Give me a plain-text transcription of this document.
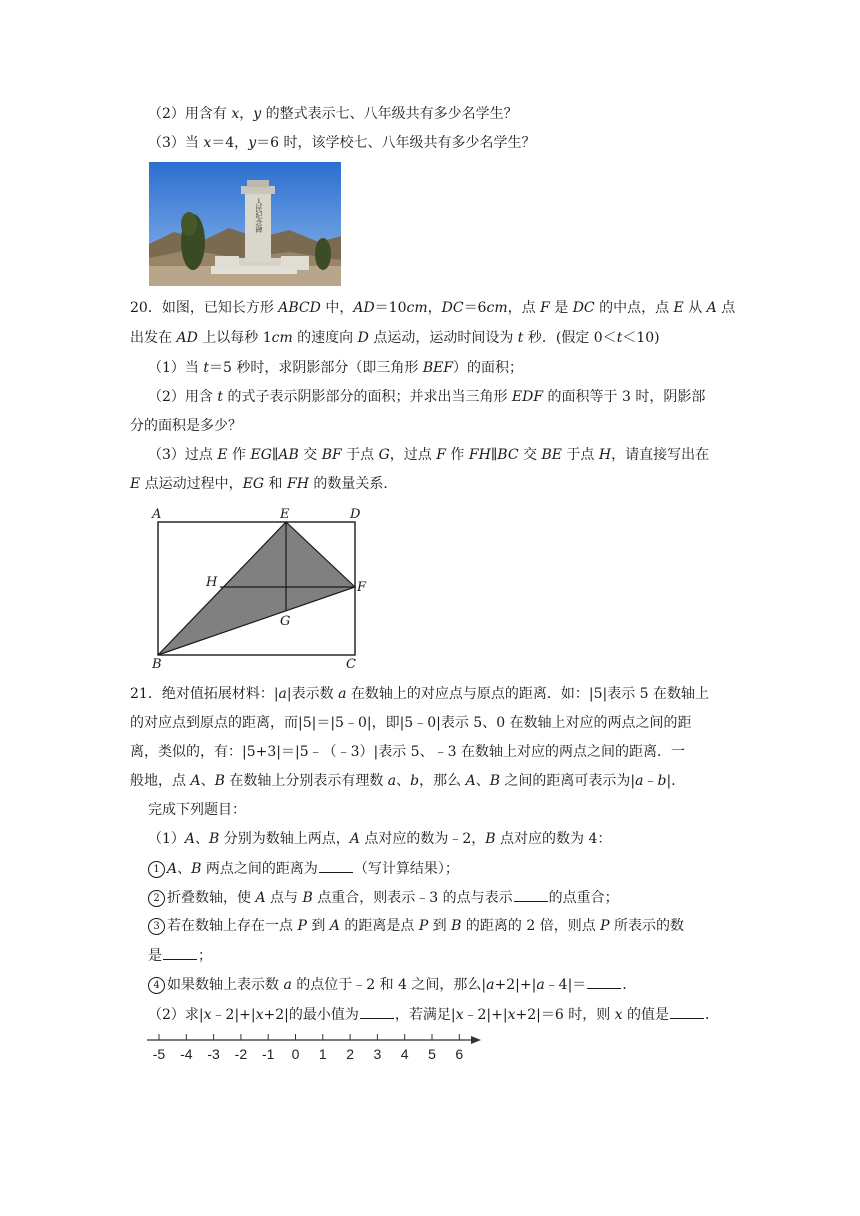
（2）用含有 x，y 的整式表示七、八年级共有多少名学生？
（3）当 x＝4，y＝6 时，该学校七、八年级共有多少名学生？
人民纪念碑
20．如图，已知长方形 ABCD 中，AD＝10cm，DC＝6cm，点 F 是 DC 的中点，点 E 从 A 点
出发在 AD 上以每秒 1cm 的速度向 D 点运动，运动时间设为 t 秒．(假定 0＜t＜10)
（1）当 t＝5 秒时，求阴影部分（即三角形 BEF）的面积；
（2）用含 t 的式子表示阴影部分的面积；并求出当三角形 EDF 的面积等于 3 时，阴影部
分的面积是多少？
（3）过点 E 作 EG∥AB 交 BF 于点 G，过点 F 作 FH∥BC 交 BE 于点 H，请直接写出在
E 点运动过程中，EG 和 FH 的数量关系．
A	E	D
H	F
G
B	C
21．绝对值拓展材料：|a|表示数 a 在数轴上的对应点与原点的距离．如：|5|表示 5 在数轴上
的对应点到原点的距离，而|5|＝|5﹣0|，即|5﹣0|表示 5、0 在数轴上对应的两点之间的距
离，类似的，有：|5+3|＝|5﹣（﹣3）|表示 5、﹣3 在数轴上对应的两点之间的距离．一
般地，点 A、B 在数轴上分别表示有理数 a、b，那么 A、B 之间的距离可表示为|a﹣b|．
完成下列题目：
（1）A、B 分别为数轴上两点，A 点对应的数为﹣2，B 点对应的数为 4：
1 A、B 两点之间的距离为	（写计算结果）；
2 折叠数轴，使 A 点与 B 点重合，则表示﹣3 的点与表示	的点重合；
3 若在数轴上存在一点 P 到 A 的距离是点 P 到 B 的距离的 2 倍，则点 P 所表示的数
是	；
4 如果数轴上表示数 a 的点位于﹣2 和 4 之间，那么|a+2|+|a﹣4|＝	．
（2）求|x﹣2|+|x+2|的最小值为	，若满足|x﹣2|+|x+2|＝6 时，则 x 的值是	．
-5 -4 -3 -2 -1 0 1 2 3 4 5 6
